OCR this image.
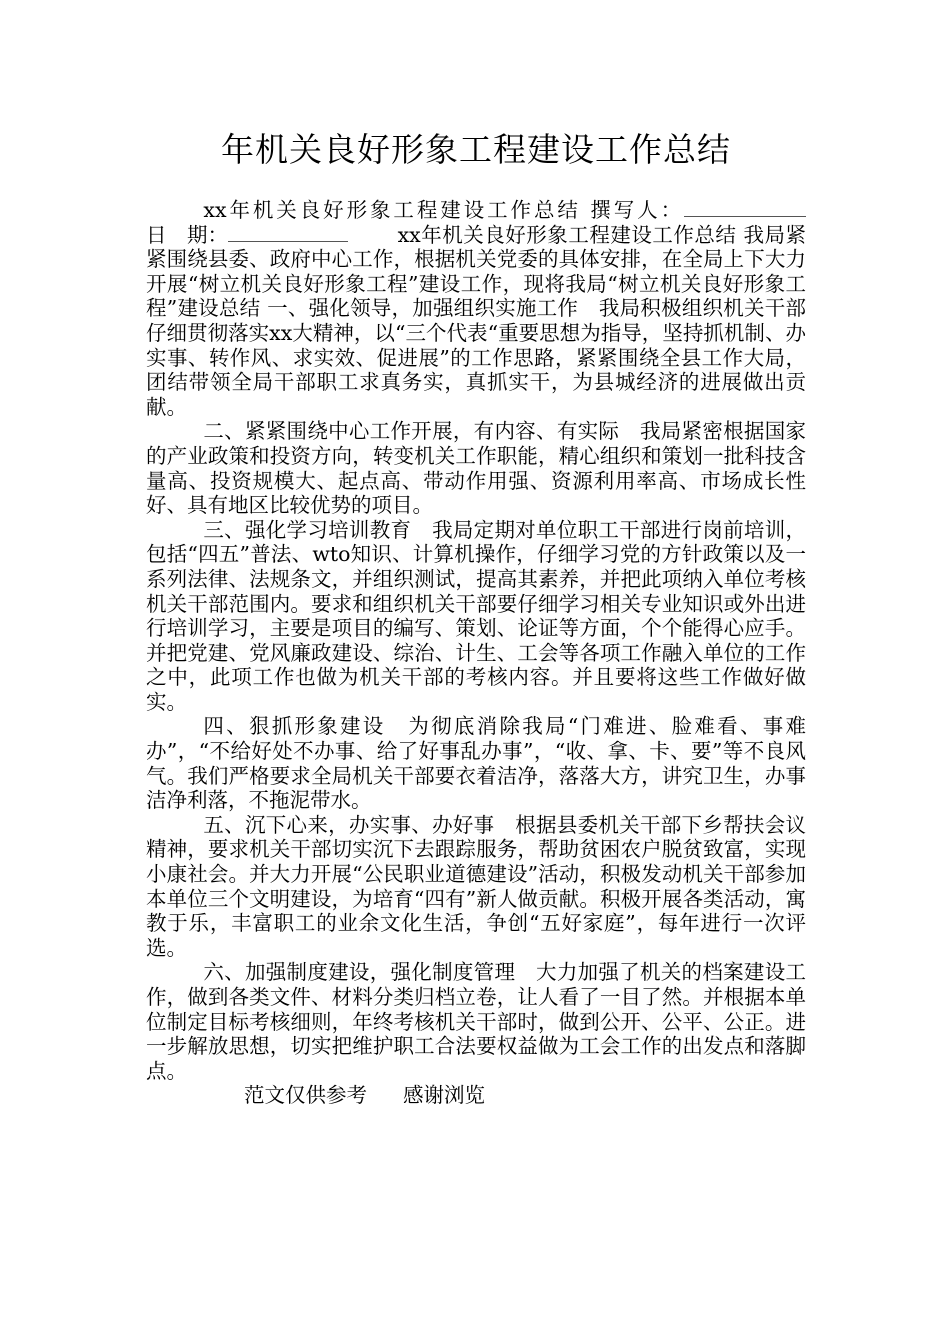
年机关良好形象工程建设工作总结

xx年机关良好形象工程建设工作总结 撰写人：日　期：　　	xx年机关良好形象工程建设工作总结 我局紧紧围绕县委、政府中心工作，根据机关党委的具体安排，在全局上下大力开展“树立机关良好形象工程”建设工作，现将我局“树立机关良好形象工程”建设总结 一、强化领导，加强组织实施工作　我局积极组织机关干部仔细贯彻落实xx大精神，以“三个代表“重要思想为指导，坚持抓机制、办实事、转作风、求实效、促进展”的工作思路，紧紧围绕全县工作大局，团结带领全局干部职工求真务实，真抓实干，为县城经济的进展做出贡献。

二、紧紧围绕中心工作开展，有内容、有实际　我局紧密根据国家的产业政策和投资方向，转变机关工作职能，精心组织和策划一批科技含量高、投资规模大、起点高、带动作用强、资源利用率高、市场成长性好、具有地区比较优势的项目。

三、强化学习培训教育　我局定期对单位职工干部进行岗前培训，包括“四五”普法、wto知识、计算机操作，仔细学习党的方针政策以及一系列法律、法规条文，并组织测试，提高其素养，并把此项纳入单位考核机关干部范围内。要求和组织机关干部要仔细学习相关专业知识或外出进行培训学习，主要是项目的编写、策划、论证等方面，个个能得心应手。并把党建、党风廉政建设、综治、计生、工会等各项工作融入单位的工作之中，此项工作也做为机关干部的考核内容。并且要将这些工作做好做实。

四、狠抓形象建设　为彻底消除我局“门难进、脸难看、事难办”，“不给好处不办事、给了好事乱办事”，“收、拿、卡、要”等不良风气。我们严格要求全局机关干部要衣着洁净，落落大方，讲究卫生，办事洁净利落，不拖泥带水。

五、沉下心来，办实事、办好事　根据县委机关干部下乡帮扶会议精神，要求机关干部切实沉下去跟踪服务，帮助贫困农户脱贫致富，实现小康社会。并大力开展“公民职业道德建设”活动，积极发动机关干部参加本单位三个文明建设，为培育“四有”新人做贡献。积极开展各类活动，寓教于乐，丰富职工的业余文化生活，争创“五好家庭”，每年进行一次评选。

六、加强制度建设，强化制度管理　大力加强了机关的档案建设工作，做到各类文件、材料分类归档立卷，让人看了一目了然。并根据本单位制定目标考核细则，年终考核机关干部时，做到公开、公平、公正。进一步解放思想，切实把维护职工合法要权益做为工会工作的出发点和落脚点。

范文仅供参考 感谢浏览
